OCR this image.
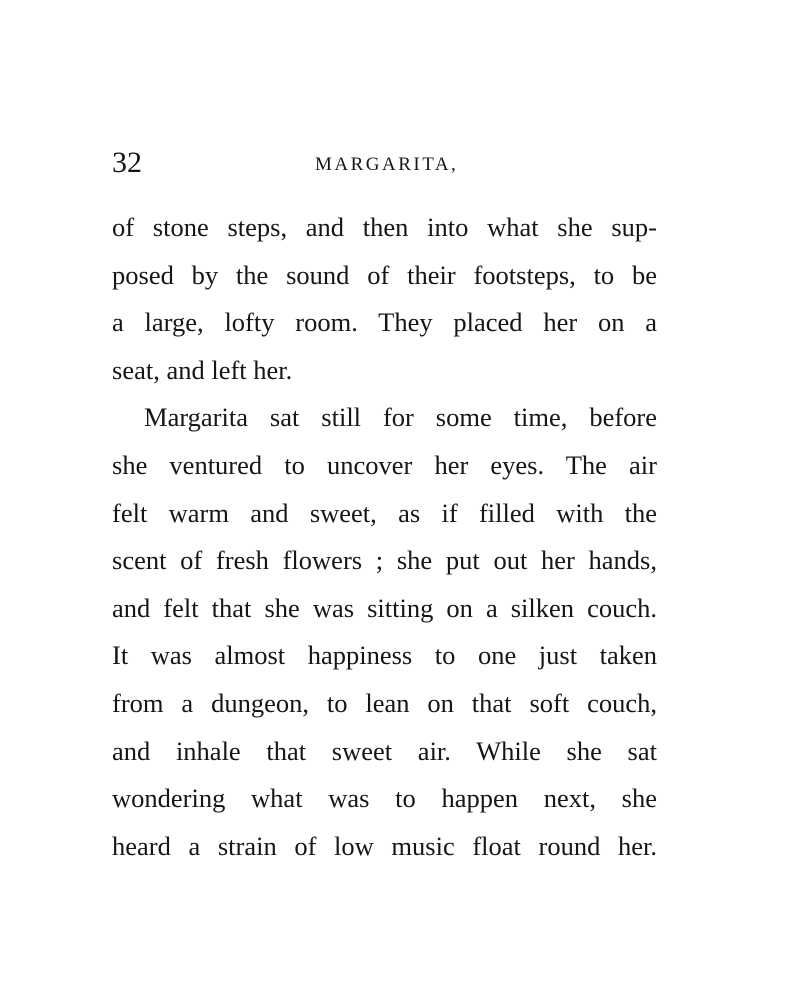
32	MARGARITA,
of stone steps, and then into what she sup-
posed by the sound of their footsteps, to be
a large, lofty room. They placed her on a
seat, and left her.
Margarita sat still for some time, before
she ventured to uncover her eyes. The air
felt warm and sweet, as if filled with the
scent of fresh flowers ; she put out her hands,
and felt that she was sitting on a silken couch.
It was almost happiness to one just taken
from a dungeon, to lean on that soft couch,
and inhale that sweet air. While she sat
wondering what was to happen next, she
heard a strain of low music float round her.
